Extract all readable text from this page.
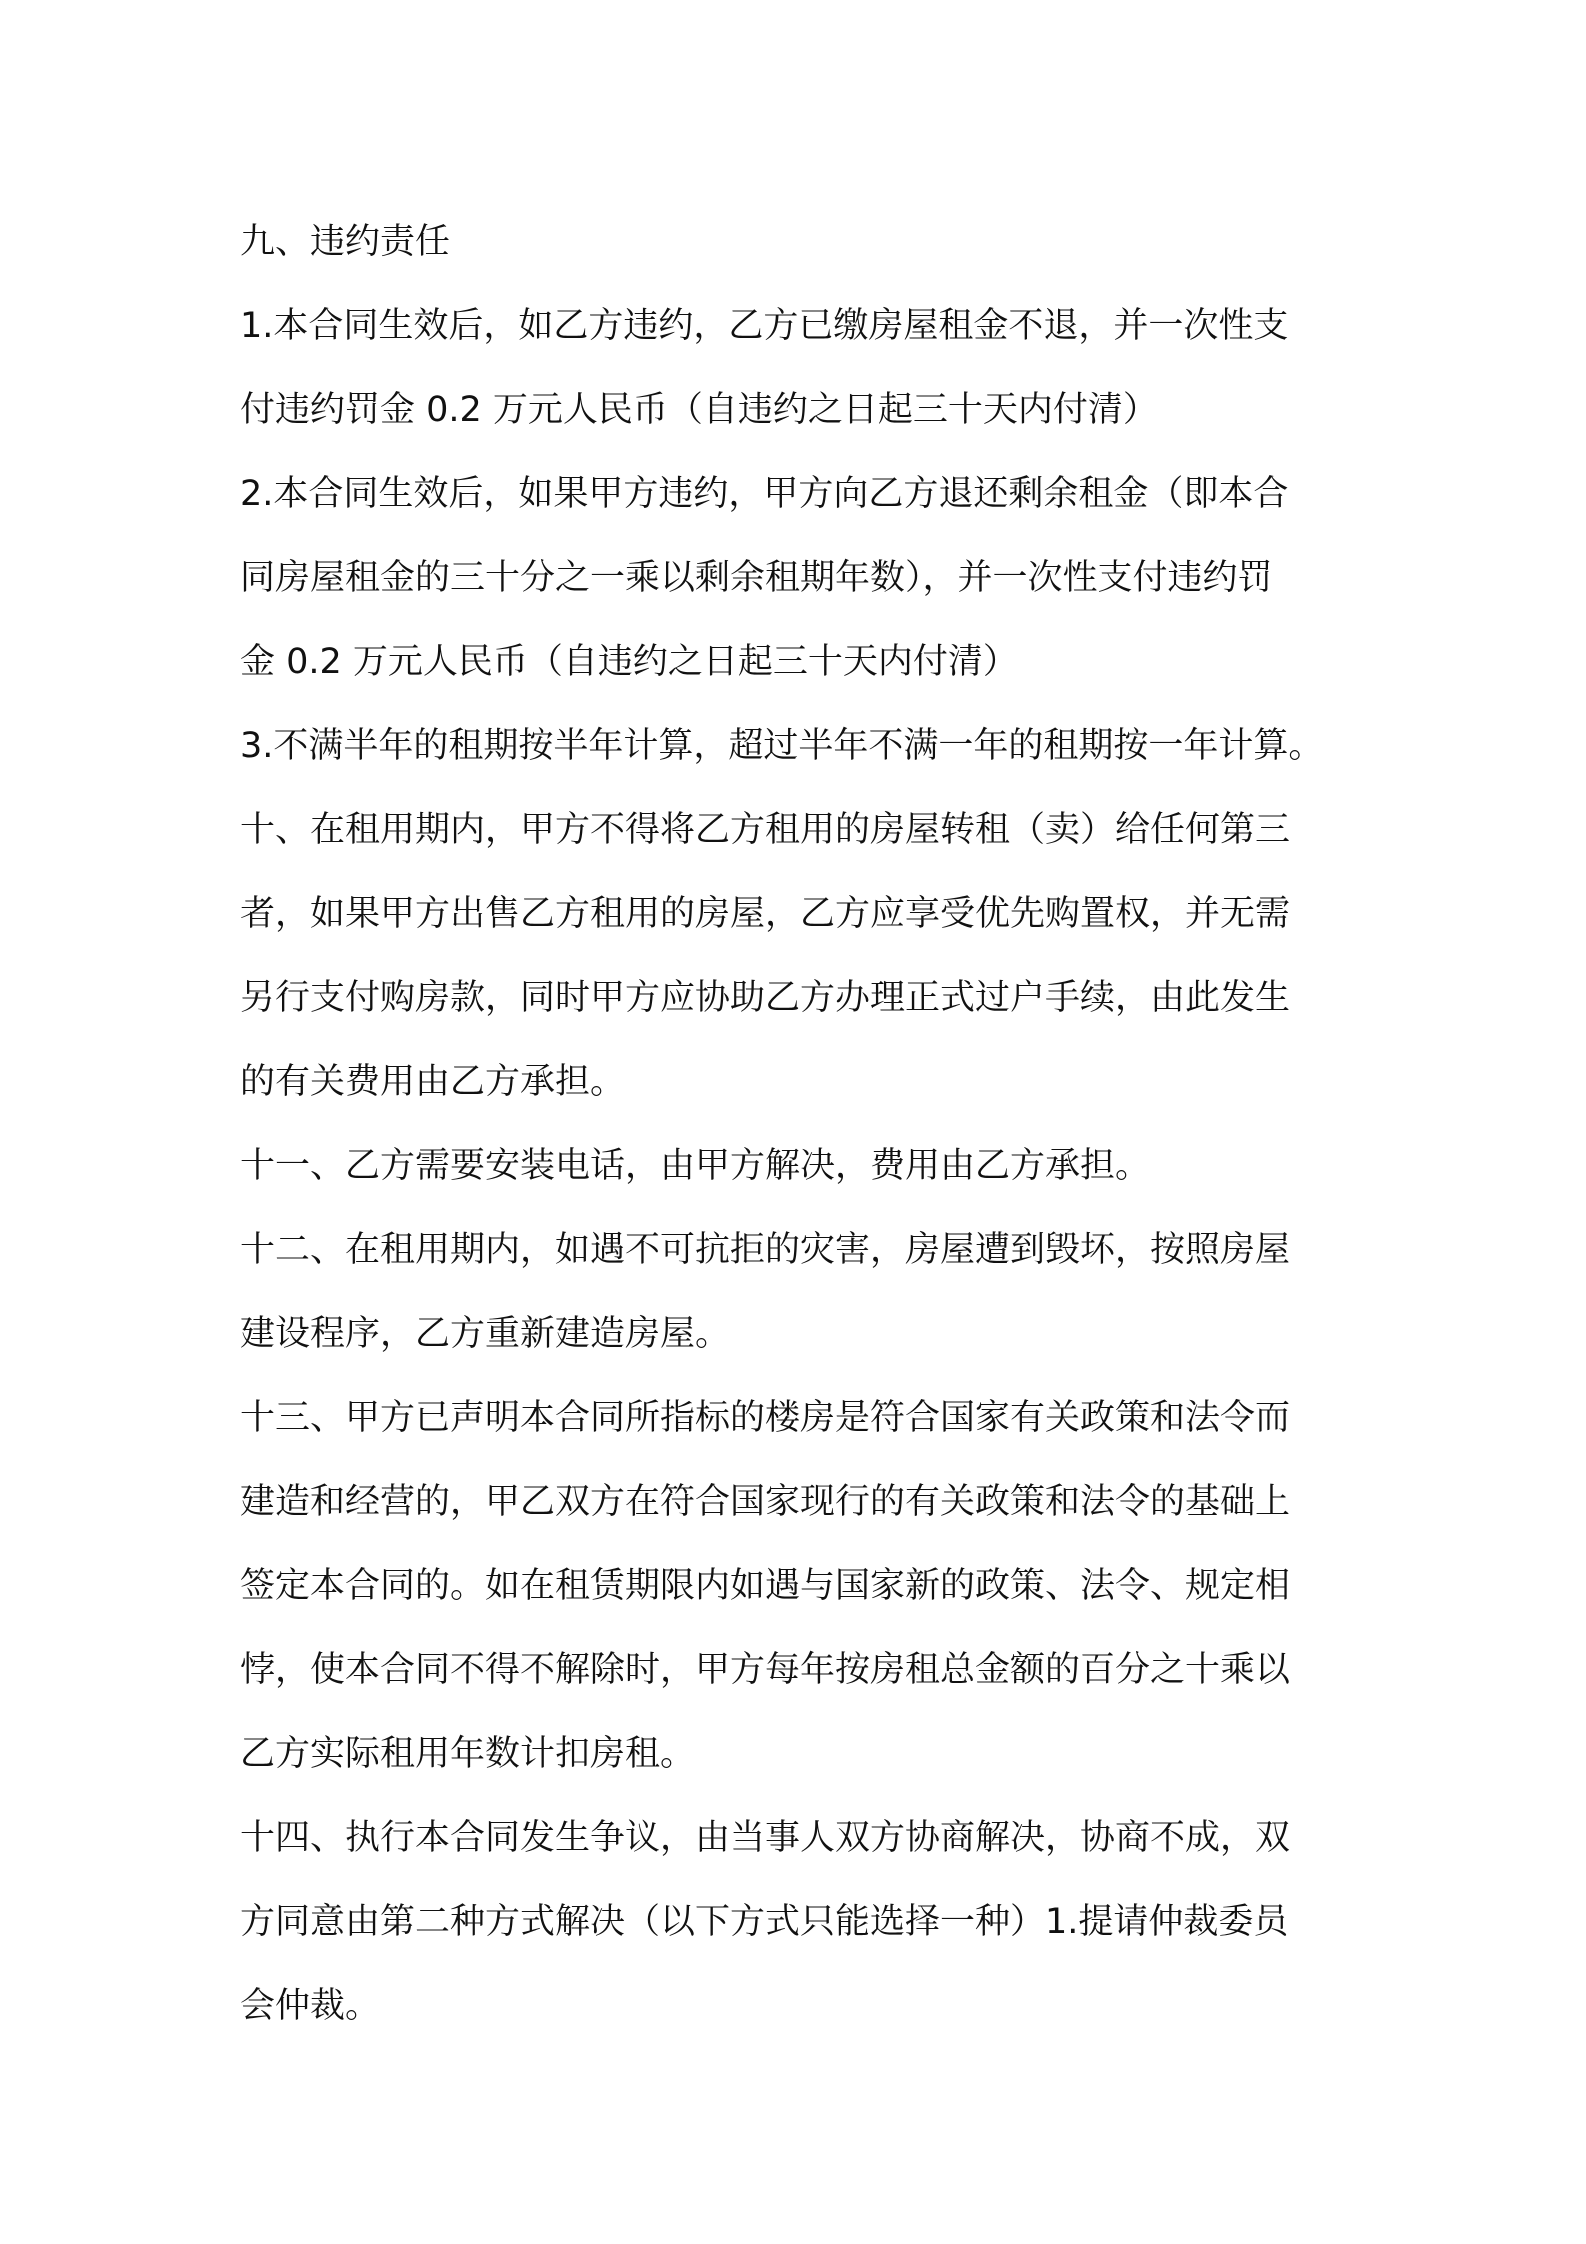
九、违约责任
1.本合同生效后，如乙方违约，乙方已缴房屋租金不退，并一次性支
付违约罚金 0.2 万元人民币（自违约之日起三十天内付清）
2.本合同生效后，如果甲方违约，甲方向乙方退还剩余租金（即本合
同房屋租金的三十分之一乘以剩余租期年数），并一次性支付违约罚
金 0.2 万元人民币（自违约之日起三十天内付清）
3.不满半年的租期按半年计算，超过半年不满一年的租期按一年计算。
十、在租用期内，甲方不得将乙方租用的房屋转租（卖）给任何第三
者，如果甲方出售乙方租用的房屋，乙方应享受优先购置权，并无需
另行支付购房款，同时甲方应协助乙方办理正式过户手续，由此发生
的有关费用由乙方承担。
十一、乙方需要安装电话，由甲方解决，费用由乙方承担。
十二、在租用期内，如遇不可抗拒的灾害，房屋遭到毁坏，按照房屋
建设程序，乙方重新建造房屋。
十三、甲方已声明本合同所指标的楼房是符合国家有关政策和法令而
建造和经营的，甲乙双方在符合国家现行的有关政策和法令的基础上
签定本合同的。如在租赁期限内如遇与国家新的政策、法令、规定相
悖，使本合同不得不解除时，甲方每年按房租总金额的百分之十乘以
乙方实际租用年数计扣房租。
十四、执行本合同发生争议，由当事人双方协商解决，协商不成，双
方同意由第二种方式解决（以下方式只能选择一种）1.提请仲裁委员
会仲裁。
